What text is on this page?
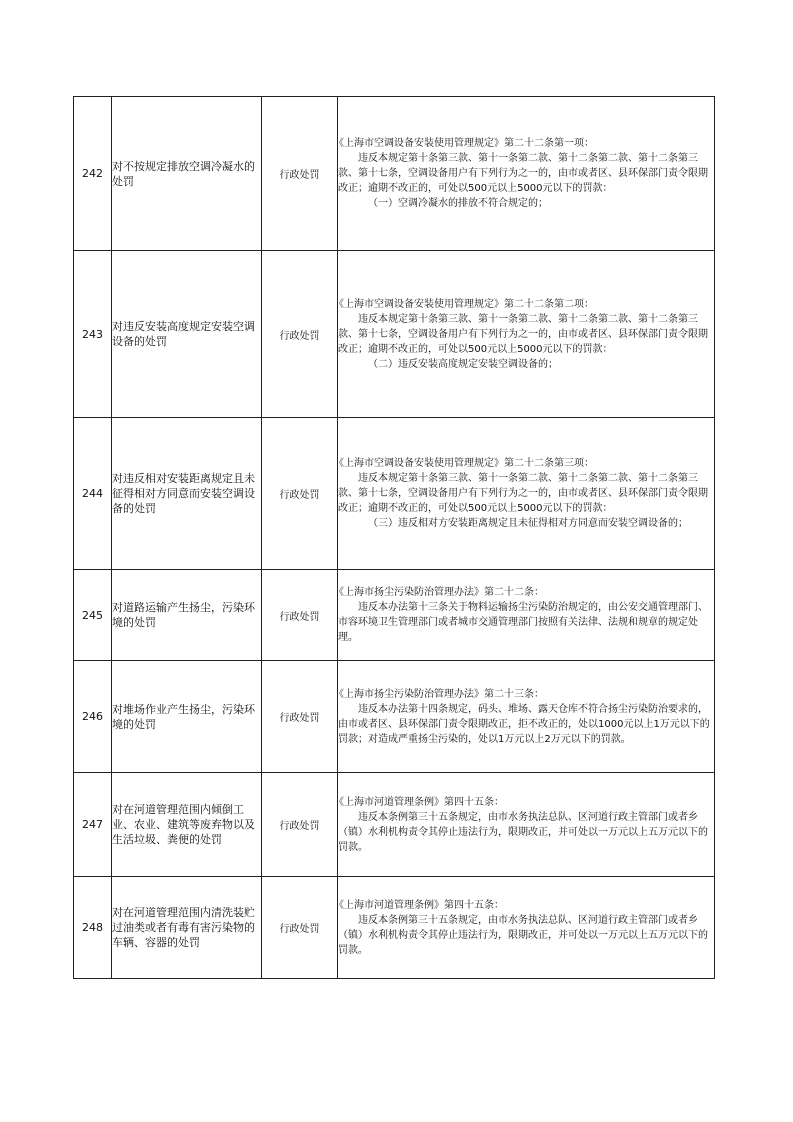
242	对不按规定排放空调冷凝水的处罚	行政处罚	《上海市空调设备安装使用管理规定》第二十二条第一项：

违反本规定第十条第三款、第十一条第二款、第十二条第二款、第十二条第三款、第十七条，空调设备用户有下列行为之一的，由市或者区、县环保部门责令限期改正；逾期不改正的，可处以500元以上5000元以下的罚款：

（一）空调冷凝水的排放不符合规定的；

243	对违反安装高度规定安装空调设备的处罚	行政处罚	《上海市空调设备安装使用管理规定》第二十二条第二项：

违反本规定第十条第三款、第十一条第二款、第十二条第二款、第十二条第三款、第十七条，空调设备用户有下列行为之一的，由市或者区、县环保部门责令限期改正；逾期不改正的，可处以500元以上5000元以下的罚款：

（二）违反安装高度规定安装空调设备的；

244	对违反相对安装距离规定且未征得相对方同意而安装空调设备的处罚	行政处罚	《上海市空调设备安装使用管理规定》第二十二条第三项：

违反本规定第十条第三款、第十一条第二款、第十二条第二款、第十二条第三款、第十七条，空调设备用户有下列行为之一的，由市或者区、县环保部门责令限期改正；逾期不改正的，可处以500元以上5000元以下的罚款：

（三）违反相对方安装距离规定且未征得相对方同意而安装空调设备的；

245	对道路运输产生扬尘，污染环境的处罚	行政处罚	《上海市扬尘污染防治管理办法》第二十二条：

违反本办法第十三条关于物料运输扬尘污染防治规定的，由公安交通管理部门、市容环境卫生管理部门或者城市交通管理部门按照有关法律、法规和规章的规定处理。

246	对堆场作业产生扬尘，污染环境的处罚	行政处罚	《上海市扬尘污染防治管理办法》第二十三条：

违反本办法第十四条规定，码头、堆场、露天仓库不符合扬尘污染防治要求的，由市或者区、县环保部门责令限期改正，拒不改正的，处以1000元以上1万元以下的罚款；对造成严重扬尘污染的，处以1万元以上2万元以下的罚款。

247	对在河道管理范围内倾倒工业、农业、建筑等废弃物以及生活垃圾、粪便的处罚	行政处罚	《上海市河道管理条例》第四十五条：

违反本条例第三十五条规定，由市水务执法总队、区河道行政主管部门或者乡（镇）水利机构责令其停止违法行为，限期改正，并可处以一万元以上五万元以下的罚款。

248	对在河道管理范围内清洗装贮过油类或者有毒有害污染物的车辆、容器的处罚	行政处罚	《上海市河道管理条例》第四十五条：

违反本条例第三十五条规定，由市水务执法总队、区河道行政主管部门或者乡（镇）水利机构责令其停止违法行为，限期改正，并可处以一万元以上五万元以下的罚款。
